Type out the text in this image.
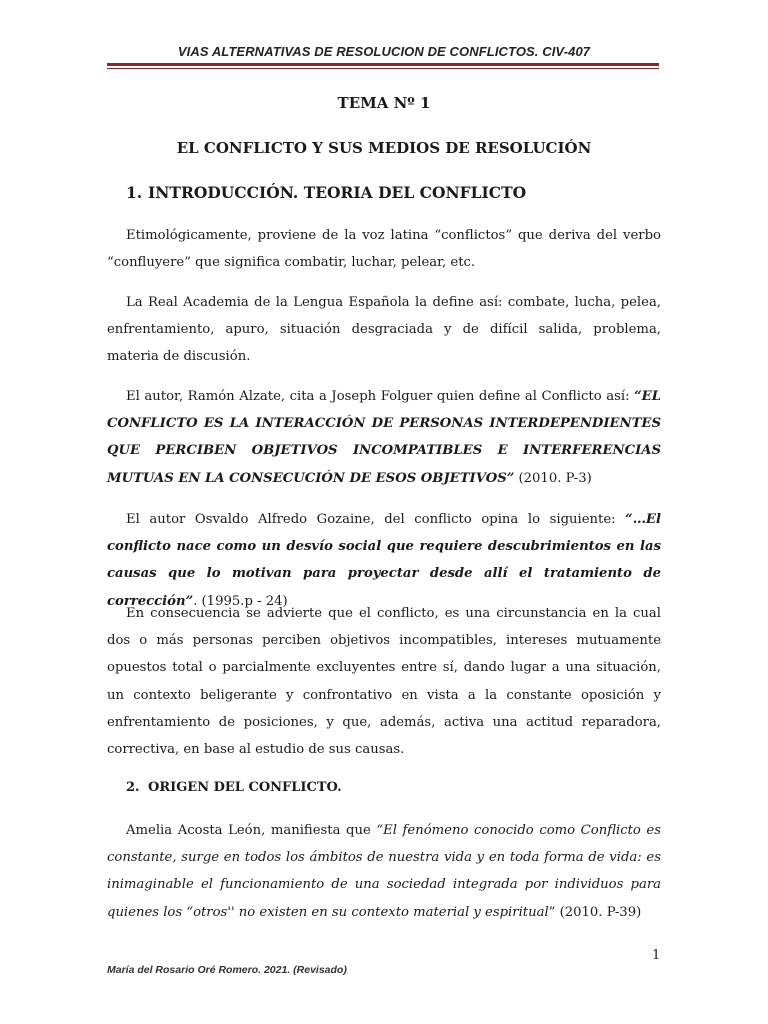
VIAS ALTERNATIVAS DE RESOLUCION DE CONFLICTOS. CIV-407
TEMA Nº 1
EL CONFLICTO Y SUS MEDIOS DE RESOLUCIÓN
1. INTRODUCCIÓN. TEORIA DEL CONFLICTO

Etimológicamente, proviene de la voz latina “conflictos” que deriva del verbo “confluyere” que significa combatir, luchar, pelear, etc.

La Real Academia de la Lengua Española la define así: combate, lucha, pelea, enfrentamiento, apuro, situación desgraciada y de difícil salida, problema, materia de discusión.

El autor, Ramón Alzate, cita a Joseph Folguer quien define al Conflicto así: “EL CONFLICTO ES LA INTERACCIÓN DE PERSONAS INTERDEPENDIENTES QUE PERCIBEN OBJETIVOS INCOMPATIBLES E INTERFERENCIAS MUTUAS EN LA CONSECUCIÓN DE ESOS OBJETIVOS” (2010. P-3)

El autor Osvaldo Alfredo Gozaine, del conflicto opina lo siguiente: “…El conflicto nace como un desvío social que requiere descubrimientos en las causas que lo motivan para proyectar desde allí el tratamiento de corrección”. (1995.p - 24)

En consecuencia se advierte que el conflicto, es una circunstancia en la cual dos o más personas perciben objetivos incompatibles, intereses mutuamente opuestos total o parcialmente excluyentes entre sí, dando lugar a una situación, un contexto beligerante y confrontativo en vista a la constante oposición y enfrentamiento de posiciones, y que, además, activa una actitud reparadora, correctiva, en base al estudio de sus causas.

2. ORIGEN DEL CONFLICTO.

Amelia Acosta León, manifiesta que “El fenómeno conocido como Conflicto es constante, surge en todos los ámbitos de nuestra vida y en toda forma de vida: es inimaginable el funcionamiento de una sociedad integrada por individuos para quienes los “otros'' no existen en su contexto material y espiritual” (2010. P-39)

1
María del Rosario Oré Romero. 2021. (Revisado)
